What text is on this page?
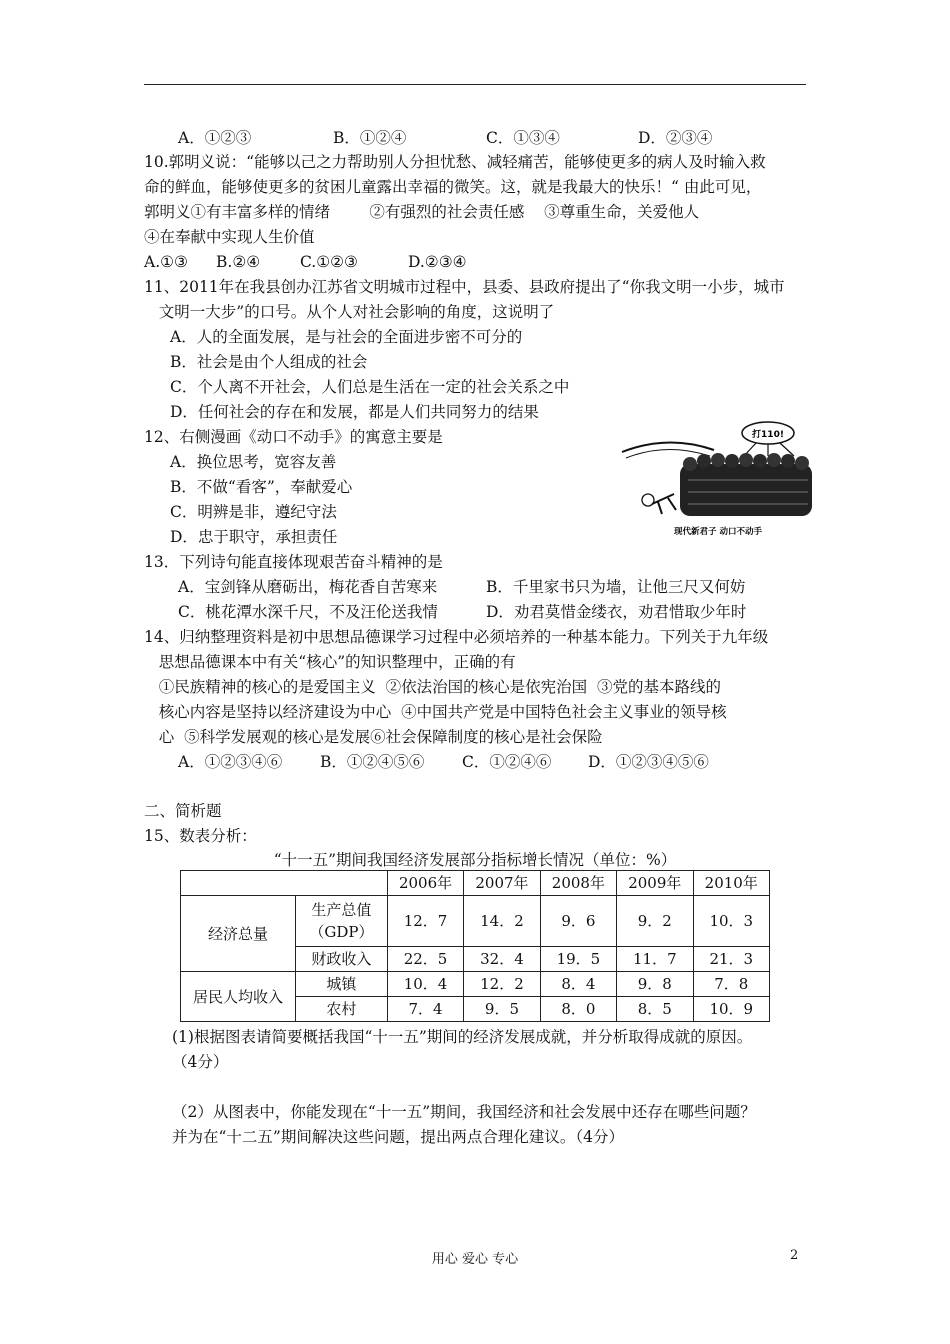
A．①②③	B．①②④	C．①③④	D．②③④
10.郭明义说：“能够以己之力帮助别人分担忧愁、减轻痛苦，能够使更多的病人及时输入救
命的鲜血，能够使更多的贫困儿童露出幸福的微笑。这，就是我最大的快乐！“ 由此可见，
郭明义①有丰富多样的情绪        ②有强烈的社会责任感    ③尊重生命，关爱他人
④在奉献中实现人生价值
A.①③ B.②④	C.①②③	D.②③④
11、2011年在我县创办江苏省文明城市过程中，县委、县政府提出了“你我文明一小步，城市
文明一大步”的口号。从个人对社会影响的角度，这说明了
A．人的全面发展，是与社会的全面进步密不可分的
B．社会是由个人组成的社会
C．个人离不开社会，人们总是生活在一定的社会关系之中
D．任何社会的存在和发展，都是人们共同努力的结果
12、右侧漫画《动口不动手》的寓意主要是
A．换位思考，宽容友善
B．不做“看客”，奉献爱心
C．明辨是非，遵纪守法
D．忠于职守，承担责任
打110!
现代新君子 动口不动手
13．下列诗句能直接体现艰苦奋斗精神的是
A．宝剑锋从磨砺出，梅花香自苦寒来	B．千里家书只为墙，让他三尺又何妨
C．桃花潭水深千尺，不及汪伦送我情	D．劝君莫惜金缕衣，劝君惜取少年时
14、归纳整理资料是初中思想品德课学习过程中必须培养的一种基本能力。下列关于九年级
思想品德课本中有关“核心”的知识整理中，正确的有
①民族精神的核心的是爱国主义  ②依法治国的核心是依宪治国  ③党的基本路线的
核心内容是坚持以经济建设为中心  ④中国共产党是中国特色社会主义事业的领导核
心  ⑤科学发展观的核心是发展⑥社会保障制度的核心是社会保险
A．①②③④⑥ B．①②④⑤⑥ C．①②④⑥ D．①②③④⑤⑥
二、简析题
15、数表分析：
“十一五”期间我国经济发展部分指标增长情况（单位：%）
		2006年	2007年	2008年	2009年	2010年
经济总量	生产总值
（GDP）	12．7	14．2	9．6	9．2	10．3
	财政收入	22．5	32．4	19．5	11．7	21．3
居民人均收入	城镇	10．4	12．2	8．4	9．8	7．8
	农村	7．4	9．5	8．0	8．5	10．9
(1)根据图表请简要概括我国“十一五”期间的经济发展成就，并分析取得成就的原因。
（4分）
（2）从图表中，你能发现在“十一五”期间，我国经济和社会发展中还存在哪些问题？
并为在“十二五”期间解决这些问题，提出两点合理化建议。（4分）
用心 爱心 专心	2
